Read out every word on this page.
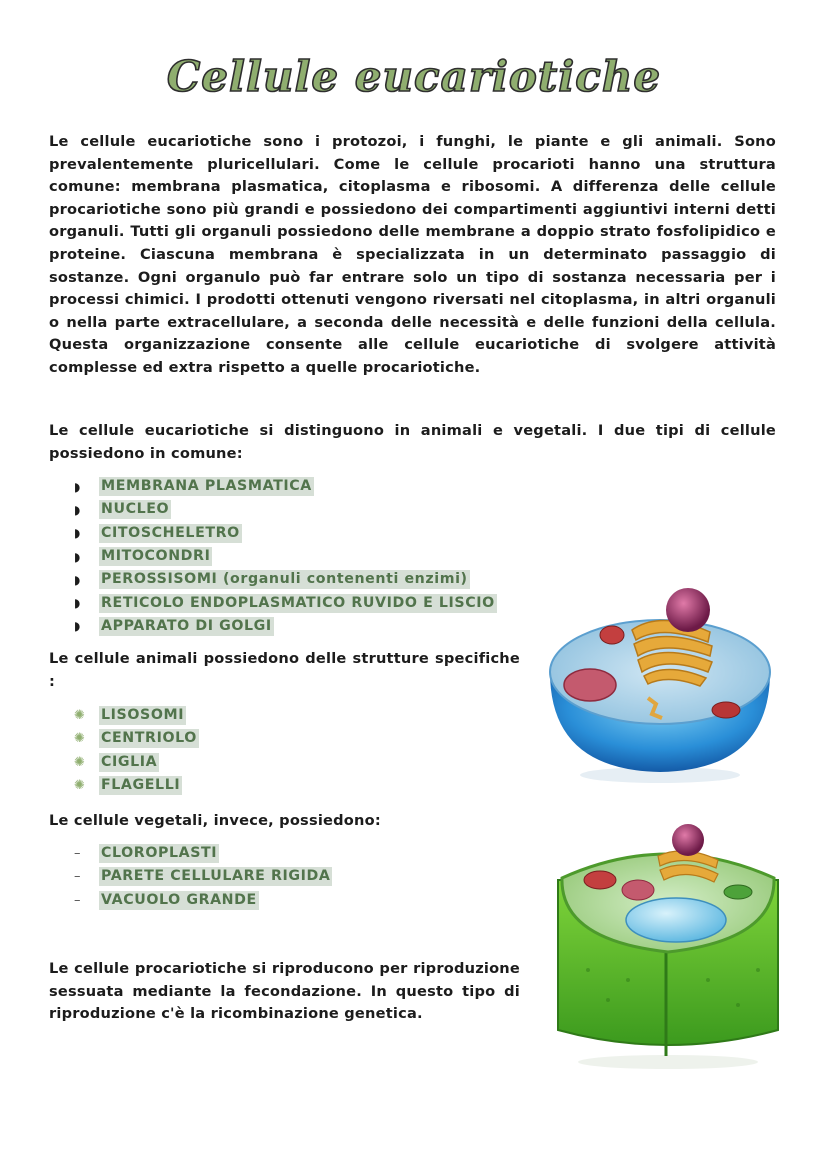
Cellule eucariotiche

Le cellule eucariotiche sono i protozoi, i funghi, le piante e gli animali. Sono prevalentemente pluricellulari. Come le cellule procarioti hanno una struttura comune: membrana plasmatica, citoplasma e ribosomi. A differenza delle cellule procariotiche sono più grandi e possiedono dei compartimenti aggiuntivi interni detti organuli. Tutti gli organuli possiedono delle membrane a doppio strato fosfolipidico e proteine. Ciascuna membrana è specializzata in un determinato passaggio di sostanze. Ogni organulo può far entrare solo un tipo di sostanza necessaria per i processi chimici. I prodotti ottenuti vengono riversati nel citoplasma, in altri organuli o nella parte extracellulare, a seconda delle necessità e delle funzioni della cellula. Questa organizzazione consente alle cellule eucariotiche di svolgere attività complesse ed extra rispetto a quelle procariotiche.

Le cellule eucariotiche si distinguono in animali e vegetali. I due tipi di cellule possiedono in comune:

◗	MEMBRANA PLASMATICA
◗	NUCLEO
◗	CITOSCHELETRO
◗	MITOCONDRI
◗	PEROSSISOMI (organuli contenenti enzimi)
◗	RETICOLO ENDOPLASMATICO RUVIDO E LISCIO
◗	APPARATO DI GOLGI

Le cellule animali possiedono delle strutture specifiche :

✺	LISOSOMI
✺	CENTRIOLO
✺	CIGLIA
✺	FLAGELLI

Le cellule vegetali, invece, possiedono:

–	CLOROPLASTI
–	PARETE CELLULARE RIGIDA
–	VACUOLO GRANDE

Le cellule procariotiche si riproducono per riproduzione sessuata mediante la fecondazione. In questo tipo di riproduzione c'è la ricombinazione genetica.
